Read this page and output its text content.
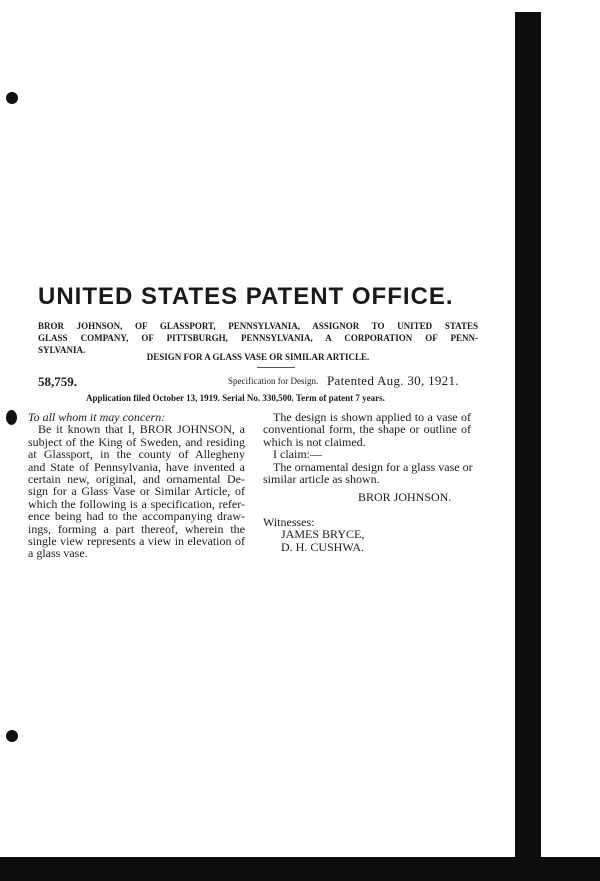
UNITED STATES PATENT OFFICE.
BROR JOHNSON, OF GLASSPORT, PENNSYLVANIA, ASSIGNOR TO UNITED STATES
GLASS COMPANY, OF PITTSBURGH, PENNSYLVANIA, A CORPORATION OF PENN-
SYLVANIA.
DESIGN FOR A GLASS VASE OR SIMILAR ARTICLE.
58,759.	Specification for Design. Patented Aug. 30, 1921.
Application filed October 13, 1919. Serial No. 330,500. Term of patent 7 years.
To all whom it may concern:
Be it known that I, BROR JOHNSON, a
subject of the King of Sweden, and residing
at Glassport, in the county of Allegheny
and State of Pennsylvania, have invented a
certain new, original, and ornamental De-
sign for a Glass Vase or Similar Article, of
which the following is a specification, refer-
ence being had to the accompanying draw-
ings, forming a part thereof, wherein the
single view represents a view in elevation of
a glass vase.
The design is shown applied to a vase of
conventional form, the shape or outline of
which is not claimed.
I claim:—
The ornamental design for a glass vase or
similar article as shown.
BROR JOHNSON.
Witnesses:
JAMES BRYCE,
D. H. CUSHWA.
